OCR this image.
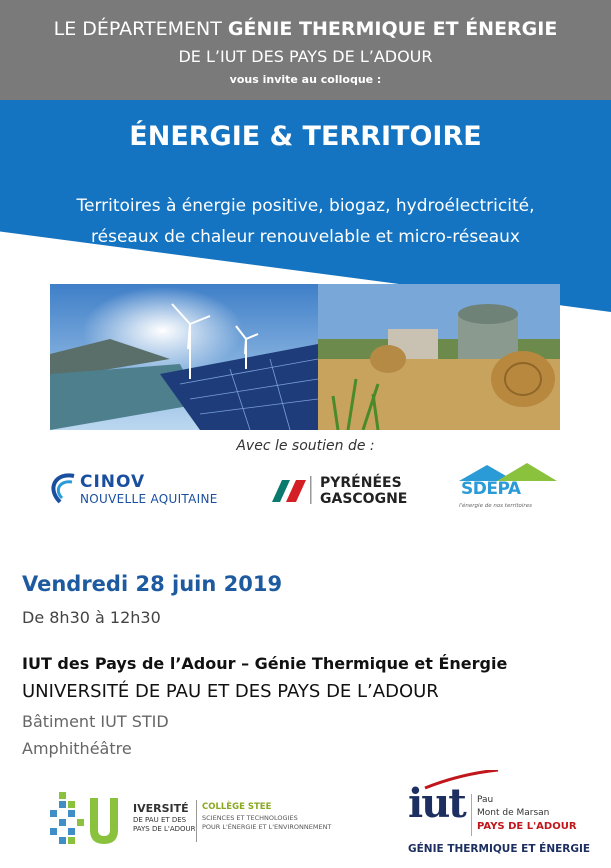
LE DÉPARTEMENT GÉNIE THERMIQUE ET ÉNERGIE
DE L’IUT DES PAYS DE L’ADOUR
vous invite au colloque :
ÉNERGIE & TERRITOIRE
Territoires à énergie positive, biogaz, hydroélectricité,
réseaux de chaleur renouvelable et micro-réseaux
Avec le soutien de :
CINOV
NOUVELLE AQUITAINE
PYRÉNÉES
GASCOGNE	SDEPA
l'énergie de nos territoires
Vendredi 28 juin 2019
De 8h30 à 12h30
IUT des Pays de l’Adour – Génie Thermique et Énergie
UNIVERSITÉ DE PAU ET DES PAYS DE L’ADOUR
Bâtiment IUT STID
Amphithéâtre
IVERSITÉ
DE PAU ET DES
PAYS DE L'ADOUR
COLLÈGE STEE
SCIENCES ET TECHNOLOGIES
POUR L'ÉNERGIE ET L'ENVIRONNEMENT iut Pau
Mont de Marsan
PAYS DE L'ADOUR
GÉNIE THERMIQUE ET ÉNERGIE
